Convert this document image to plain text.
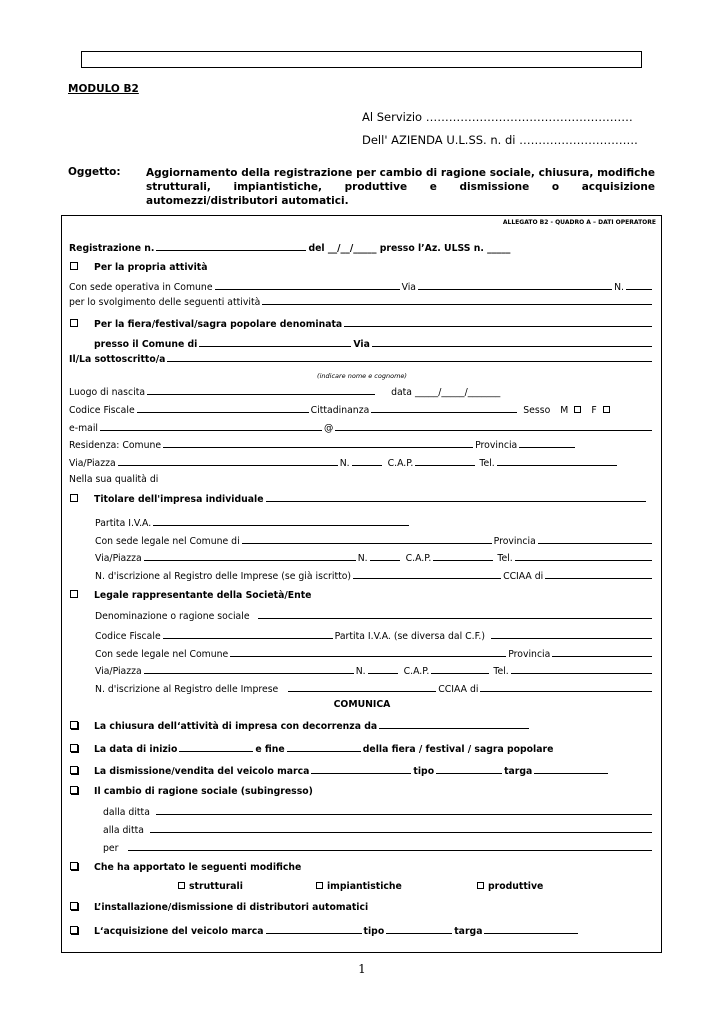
MODULO B2
Al Servizio ………………………………………………
Dell' AZIENDA U.L.SS. n. di ………………………….
Oggetto: Aggiornamento della registrazione per cambio di ragione sociale, chiusura, modifiche strutturali, impiantistiche, produttive e dismissione o acquisizione automezzi/distributori automatici.
ALLEGATO B2 - QUADRO A – DATI OPERATORE
Registrazione n.	del __/__/_____
presso l’Az. ULSS n. _____
Per la propria attività
Con sede operativa in Comune	Via	N.
per lo svolgimento delle seguenti attività
Per la fiera/festival/sagra popolare denominata
presso il Comune di	Via
Il/La sottoscritto/a
(indicare nome e cognome)
Luogo di nascita	data _____/_____/_______
Codice Fiscale	Cittadinanza	Sesso M F
e-mail	@
Residenza: Comune	Provincia
Via/Piazza	N.	C.A.P.	Tel.
Nella sua qualità di
Titolare dell'impresa individuale
Partita I.V.A.
Con sede legale nel Comune di	Provincia
Via/Piazza	N.	C.A.P.	Tel.
N. d'iscrizione al Registro delle Imprese (se già iscritto)	CCIAA di
Legale rappresentante della Società/Ente
Denominazione o ragione sociale
Codice Fiscale	Partita I.V.A. (se diversa dal C.F.)
Con sede legale nel Comune	Provincia
Via/Piazza	N.	C.A.P.	Tel.
N. d'iscrizione al Registro delle Imprese	CCIAA di
COMUNICA
La chiusura dell‘attività di impresa con decorrenza da
La data di inizio	e fine	della fiera / festival / sagra popolare
La dismissione/vendita del veicolo marca	tipo	targa
Il cambio di ragione sociale (subingresso)
dalla ditta
alla ditta
per
Che ha apportato le seguenti modifiche
strutturali	impiantistiche	produttive
L’installazione/dismissione di distributori automatici
L‘acquisizione del veicolo marca	tipo	targa
1
